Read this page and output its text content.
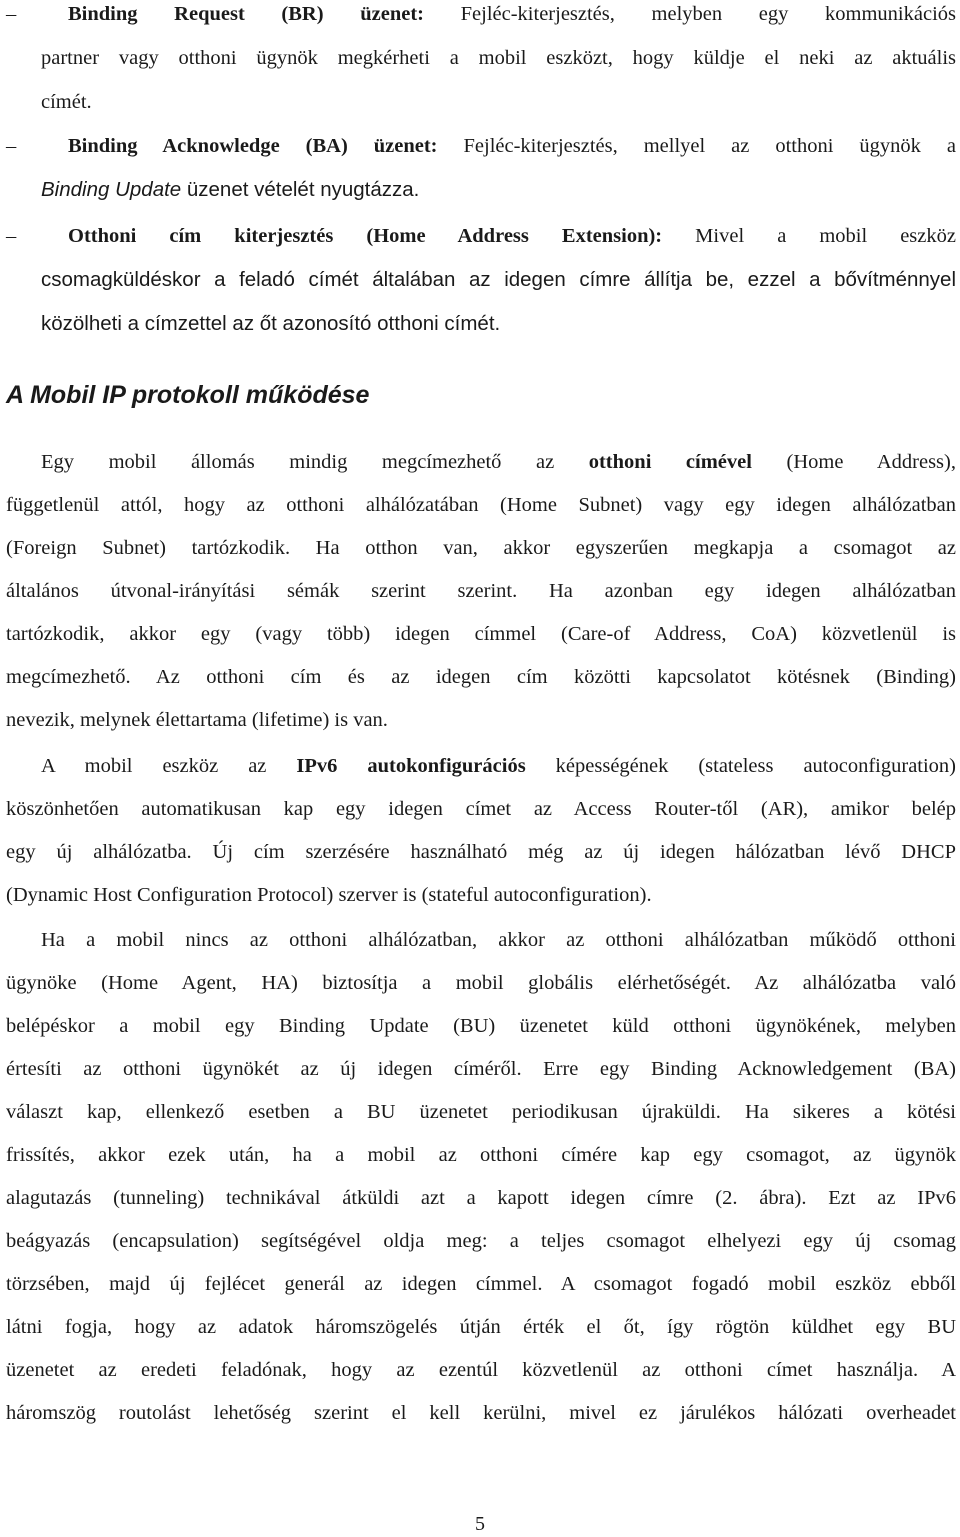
–	Binding Request (BR) üzenet: Fejléc-kiterjesztés, melyben egy kommunikációs
partner vagy otthoni ügynök megkérheti a mobil eszközt, hogy küldje el neki az aktuális
címét.
–	Binding Acknowledge (BA) üzenet: Fejléc-kiterjesztés, mellyel az otthoni ügynök a
Binding Update üzenet vételét nyugtázza.
–	Otthoni cím kiterjesztés (Home Address Extension): Mivel a mobil eszköz
csomagküldéskor a feladó címét általában az idegen címre állítja be, ezzel a bővítménnyel
közölheti a címzettel az őt azonosító otthoni címét.
A Mobil IP protokoll működése
Egy mobil állomás mindig megcímezhető az otthoni címével (Home Address),
függetlenül attól, hogy az otthoni alhálózatában (Home Subnet) vagy egy idegen alhálózatban
(Foreign Subnet) tartózkodik. Ha otthon van, akkor egyszerűen megkapja a csomagot az
általános útvonal-irányítási sémák szerint szerint. Ha azonban egy idegen alhálózatban
tartózkodik, akkor egy (vagy több) idegen címmel (Care-of Address, CoA) közvetlenül is
megcímezhető. Az otthoni cím és az idegen cím közötti kapcsolatot kötésnek (Binding)
nevezik, melynek élettartama (lifetime) is van.
A mobil eszköz az IPv6 autokonfigurációs képességének (stateless autoconfiguration)
köszönhetően automatikusan kap egy idegen címet az Access Router-től (AR), amikor belép
egy új alhálózatba. Új cím szerzésére használható még az új idegen hálózatban lévő DHCP
(Dynamic Host Configuration Protocol) szerver is (stateful autoconfiguration).
Ha a mobil nincs az otthoni alhálózatban, akkor az otthoni alhálózatban működő otthoni
ügynöke (Home Agent, HA) biztosítja a mobil globális elérhetőségét. Az alhálózatba való
belépéskor a mobil egy Binding Update (BU) üzenetet küld otthoni ügynökének, melyben
értesíti az otthoni ügynökét az új idegen címéről. Erre egy Binding Acknowledgement (BA)
választ kap, ellenkező esetben a BU üzenetet periodikusan újraküldi. Ha sikeres a kötési
frissítés, akkor ezek után, ha a mobil az otthoni címére kap egy csomagot, az ügynök
alagutazás (tunneling) technikával átküldi azt a kapott idegen címre (2. ábra). Ezt az IPv6
beágyazás (encapsulation) segítségével oldja meg: a teljes csomagot elhelyezi egy új csomag
törzsében, majd új fejlécet generál az idegen címmel. A csomagot fogadó mobil eszköz ebből
látni fogja, hogy az adatok háromszögelés útján érték el őt, így rögtön küldhet egy BU
üzenetet az eredeti feladónak, hogy az ezentúl közvetlenül az otthoni címet használja. A
háromszög routolást lehetőség szerint el kell kerülni, mivel ez járulékos hálózati overheadet
5
